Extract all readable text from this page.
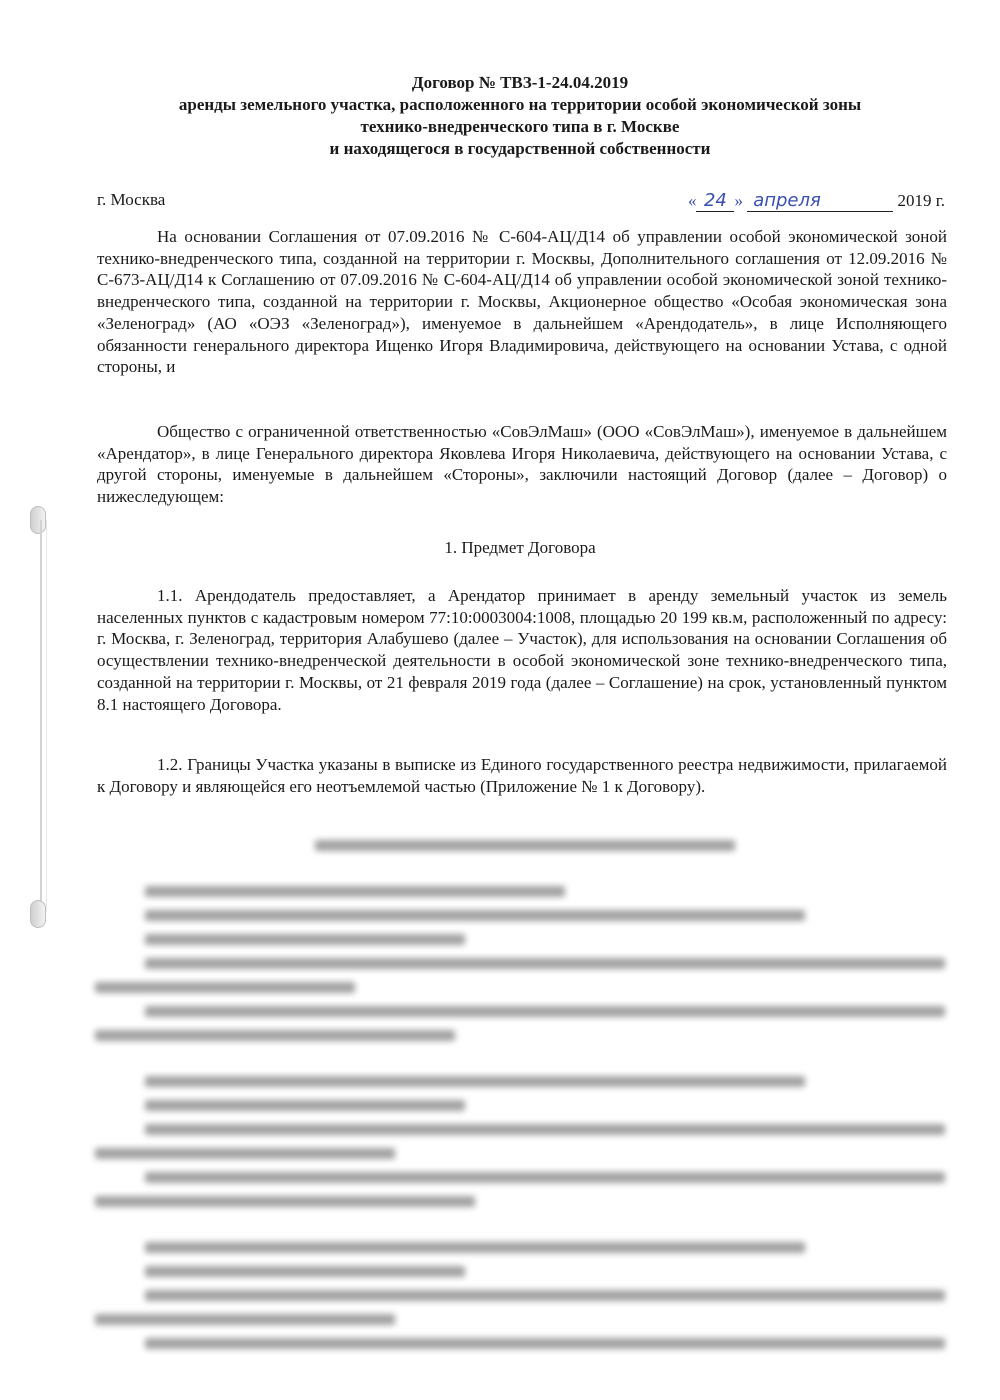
Договор № ТВЗ-1-24.04.2019
аренды земельного участка, расположенного на территории особой экономической зоны
технико-внедренческого типа в г. Москве
и находящегося в государственной собственности
г. Москва	« 24 » апреля	2019 г.
На основании Соглашения от 07.09.2016 № С-604-АЦ/Д14 об управлении особой экономической зоной технико-внедренческого типа, созданной на территории г. Москвы, Дополнительного соглашения от 12.09.2016 № С-673-АЦ/Д14 к Соглашению от 07.09.2016 № С-604-АЦ/Д14 об управлении особой экономической зоной технико-внедренческого типа, созданной на территории г. Москвы, Акционерное общество «Особая экономическая зона «Зеленоград» (АО «ОЭЗ «Зеленоград»), именуемое в дальнейшем «Арендодатель», в лице Исполняющего обязанности генерального директора Ищенко Игоря Владимировича, действующего на основании Устава, с одной стороны, и
Общество с ограниченной ответственностью «СовЭлМаш» (ООО «СовЭлМаш»), именуемое в дальнейшем «Арендатор», в лице Генерального директора Яковлева Игоря Николаевича, действующего на основании Устава, с другой стороны, именуемые в дальнейшем «Стороны», заключили настоящий Договор (далее – Договор) о нижеследующем:
1. Предмет Договора
1.1. Арендодатель предоставляет, а Арендатор принимает в аренду земельный участок из земель населенных пунктов с кадастровым номером 77:10:0003004:1008, площадью 20 199 кв.м, расположенный по адресу: г. Москва, г. Зеленоград, территория Алабушево (далее – Участок), для использования на основании Соглашения об осуществлении технико-внедренческой деятельности в особой экономической зоне технико-внедренческого типа, созданной на территории г. Москвы, от 21 февраля 2019 года (далее – Соглашение) на срок, установленный пунктом 8.1 настоящего Договора.
1.2. Границы Участка указаны в выписке из Единого государственного реестра недвижимости, прилагаемой к Договору и являющейся его неотъемлемой частью (Приложение № 1 к Договору).
